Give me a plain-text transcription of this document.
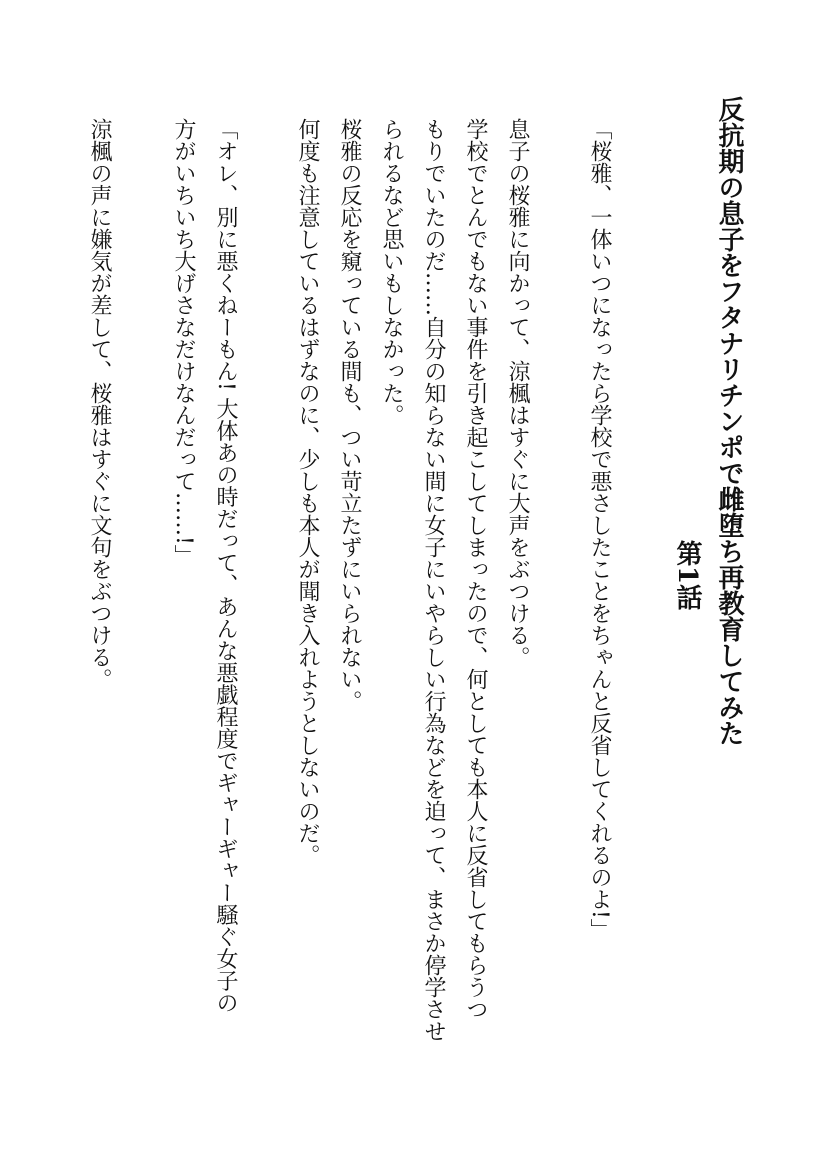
反抗期の息子をフタナリチンポで雌堕ち再教育してみた
第1話
「桜雅、一体いつになったら学校で悪さしたことをちゃんと反省してくれるのよ!」
息子の桜雅に向かって、涼楓はすぐに大声をぶつける。
学校でとんでもない事件を引き起こしてしまったので、何としても本人に反省してもらうつ
もりでいたのだ……自分の知らない間に女子にいやらしい行為などを迫って、まさか停学させ
られるなど思いもしなかった。
桜雅の反応を窺っている間も、つい苛立たずにいられない。
何度も注意しているはずなのに、少しも本人が聞き入れようとしないのだ。
「オレ、別に悪くねーもん! 大体あの時だって、あんな悪戯程度でギャーギャー騒ぐ女子の
方がいちいち大げさなだけなんだって……!」
涼楓の声に嫌気が差して、桜雅はすぐに文句をぶつける。
